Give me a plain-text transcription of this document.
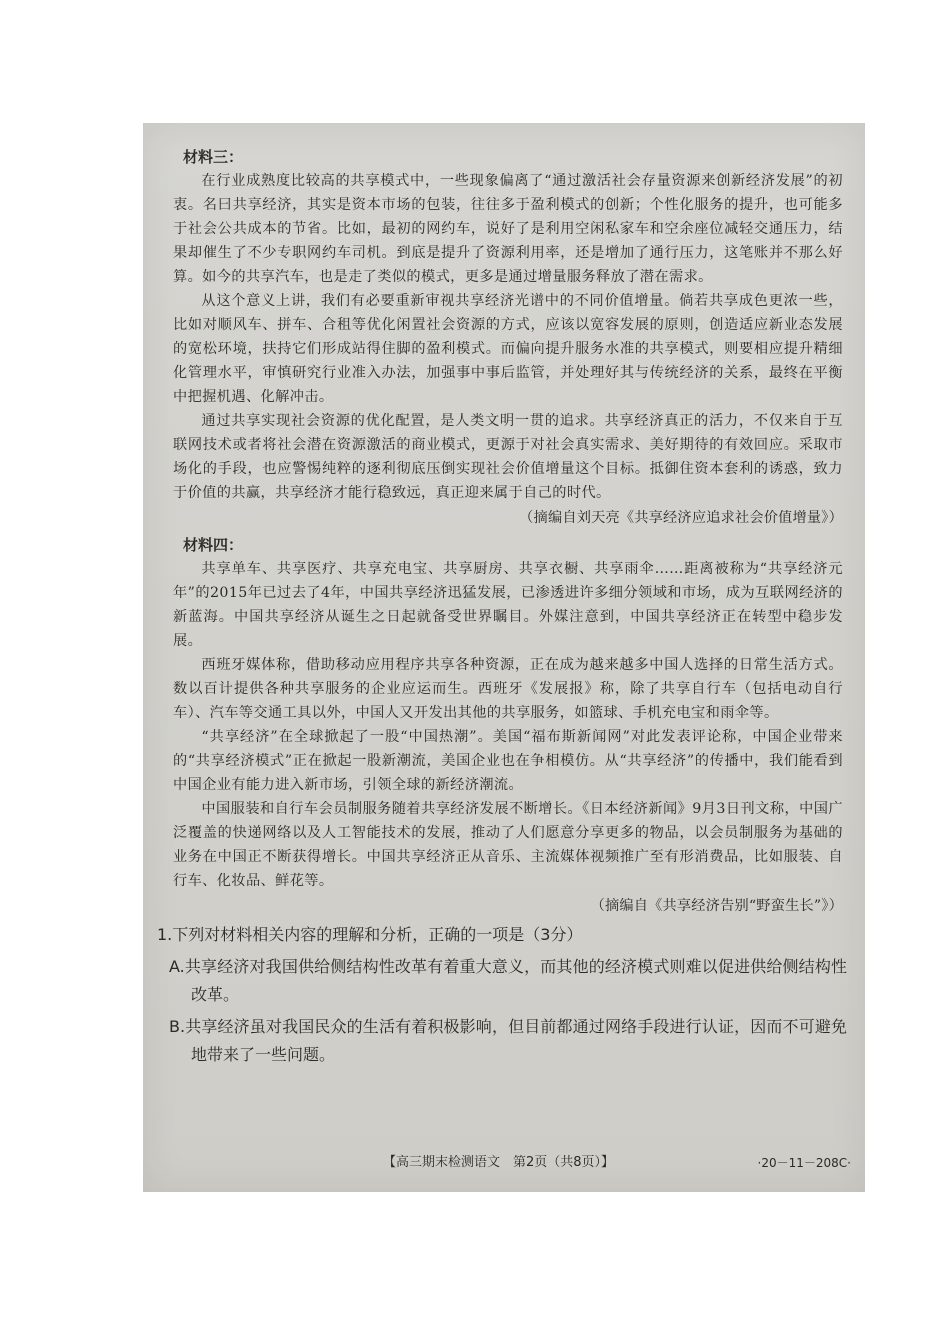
材料三：

在行业成熟度比较高的共享模式中，一些现象偏离了“通过激活社会存量资源来创新经济发展”的初衷。名曰共享经济，其实是资本市场的包装，往往多于盈利模式的创新；个性化服务的提升，也可能多于社会公共成本的节省。比如，最初的网约车，说好了是利用空闲私家车和空余座位减轻交通压力，结果却催生了不少专职网约车司机。到底是提升了资源利用率，还是增加了通行压力，这笔账并不那么好算。如今的共享汽车，也是走了类似的模式，更多是通过增量服务释放了潜在需求。

从这个意义上讲，我们有必要重新审视共享经济光谱中的不同价值增量。倘若共享成色更浓一些，比如对顺风车、拼车、合租等优化闲置社会资源的方式，应该以宽容发展的原则，创造适应新业态发展的宽松环境，扶持它们形成站得住脚的盈利模式。而偏向提升服务水准的共享模式，则要相应提升精细化管理水平，审慎研究行业准入办法，加强事中事后监管，并处理好其与传统经济的关系，最终在平衡中把握机遇、化解冲击。

通过共享实现社会资源的优化配置，是人类文明一贯的追求。共享经济真正的活力，不仅来自于互联网技术或者将社会潜在资源激活的商业模式，更源于对社会真实需求、美好期待的有效回应。采取市场化的手段，也应警惕纯粹的逐利彻底压倒实现社会价值增量这个目标。抵御住资本套利的诱惑，致力于价值的共赢，共享经济才能行稳致远，真正迎来属于自己的时代。

（摘编自刘天亮《共享经济应追求社会价值增量》）

材料四：

共享单车、共享医疗、共享充电宝、共享厨房、共享衣橱、共享雨伞……距离被称为“共享经济元年”的2015年已过去了4年，中国共享经济迅猛发展，已渗透进许多细分领域和市场，成为互联网经济的新蓝海。中国共享经济从诞生之日起就备受世界瞩目。外媒注意到，中国共享经济正在转型中稳步发展。

西班牙媒体称，借助移动应用程序共享各种资源，正在成为越来越多中国人选择的日常生活方式。数以百计提供各种共享服务的企业应运而生。西班牙《发展报》称，除了共享自行车（包括电动自行车）、汽车等交通工具以外，中国人又开发出其他的共享服务，如篮球、手机充电宝和雨伞等。

“共享经济”在全球掀起了一股“中国热潮”。美国“福布斯新闻网”对此发表评论称，中国企业带来的“共享经济模式”正在掀起一股新潮流，美国企业也在争相模仿。从“共享经济”的传播中，我们能看到中国企业有能力进入新市场，引领全球的新经济潮流。

中国服装和自行车会员制服务随着共享经济发展不断增长。《日本经济新闻》9月3日刊文称，中国广泛覆盖的快递网络以及人工智能技术的发展，推动了人们愿意分享更多的物品，以会员制服务为基础的业务在中国正不断获得增长。中国共享经济正从音乐、主流媒体视频推广至有形消费品，比如服装、自行车、化妆品、鲜花等。

（摘编自《共享经济告别“野蛮生长”》）

1.下列对材料相关内容的理解和分析，正确的一项是（3分）

A.共享经济对我国供给侧结构性改革有着重大意义，而其他的经济模式则难以促进供给侧结构性改革。

B.共享经济虽对我国民众的生活有着积极影响，但目前都通过网络手段进行认证，因而不可避免地带来了一些问题。

【高三期末检测语文　第2页（共8页）】	·20－11－208C·
